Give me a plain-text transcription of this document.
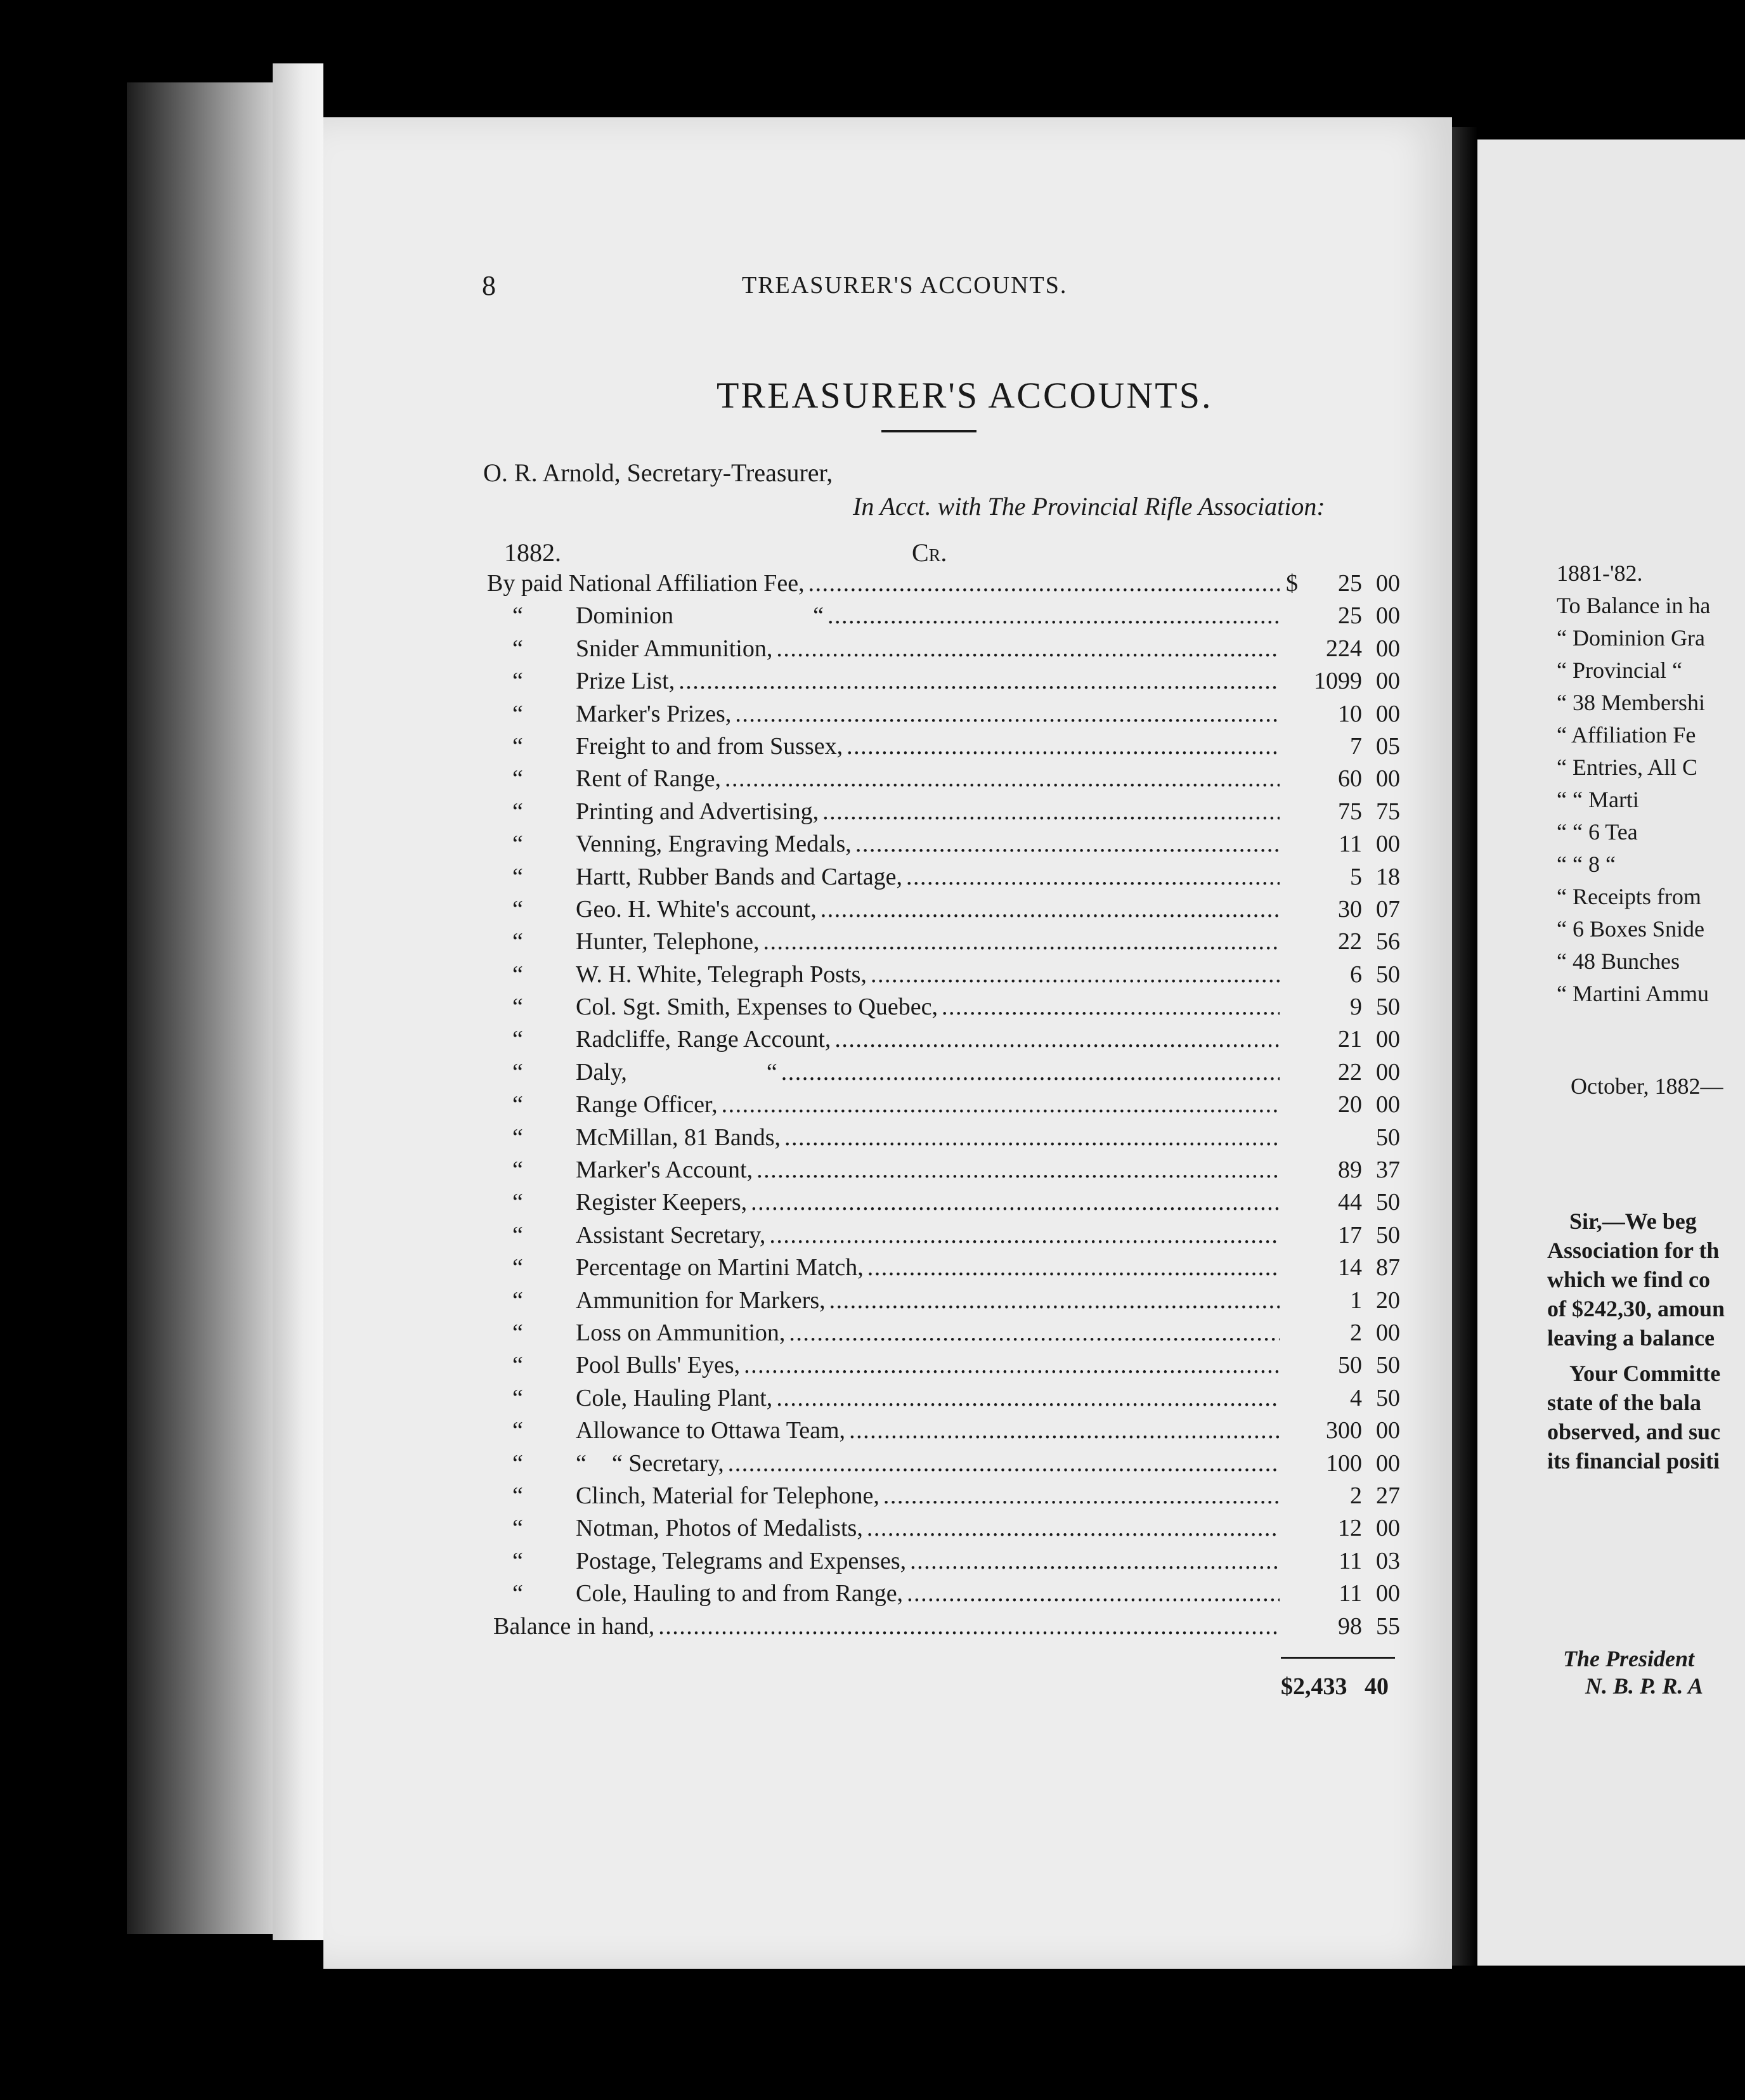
8	TREASURER'S ACCOUNTS.
TREASURER'S ACCOUNTS.
O. R. Arnold, Secretary-Treasurer,
In Acct. with The Provincial Rifle Association:
1882.	Cr.
By paid
National Affiliation Fee, . . .	$	25 00
“	Dominion	“ . . .	25 00
“	Snider Ammunition, . . .	224 00
“	Prize List, . . .	1099 00
“	Marker's Prizes, . . .	10 00
“	Freight to and from Sussex, . . .	7 05
“	Rent of Range, . . .	60 00
“	Printing and Advertising, . . .	75 75
“	Venning, Engraving Medals, . . .	11 00
“	Hartt, Rubber Bands and Cartage, . . .	5 18
“	Geo. H. White's account, . . .	30 07
“	Hunter, Telephone, . . .	22 56
“	W. H. White, Telegraph Posts, . . .	6 50
“	Col. Sgt. Smith, Expenses to Quebec, . . .	9 50
“	Radcliffe, Range Account, . . .	21 00
“	Daly,	“ . . .	22 00
“	Range Officer, . . .	20 00
“	McMillan, 81 Bands, . . .	50
“	Marker's Account, . . .	89 37
“	Register Keepers, . . .	44 50
“	Assistant Secretary, . . .	17 50
“	Percentage on Martini Match, . . .	14 87
“	Ammunition for Markers, . . .	1 20
“	Loss on Ammunition, . . .	2 00
“	Pool Bulls' Eyes, . . .	50 50
“	Cole, Hauling Plant, . . .	4 50
“	Allowance to Ottawa Team, . . .	300 00
“	“ “ Secretary, . . .	100 00
“	Clinch, Material for Telephone, . . .	2 27
“	Notman, Photos of Medalists, . . .	12 00
“	Postage, Telegrams and Expenses, . . .	11 03
“	Cole, Hauling to and from Range, . . .	11 00
Balance in hand, . . .	98 55
$2,433 40
1881-'82.
To Balance in ha
“ Dominion Gra
“ Provincial “
“ 38 Membershi
“ Affiliation Fe
“ Entries, All C
“ “ Marti
“ “ 6 Tea
“ “ 8 “
“ Receipts from
“ 6 Boxes Snide
“ 48 Bunches
“ Martini Ammu
October, 1882—
Sir,—We beg
Association for th
which we find co
of $242,30, amoun
leaving a balance
Your Committe
state of the bala
observed, and suc
its financial positi
The President
N. B. P. R. A
